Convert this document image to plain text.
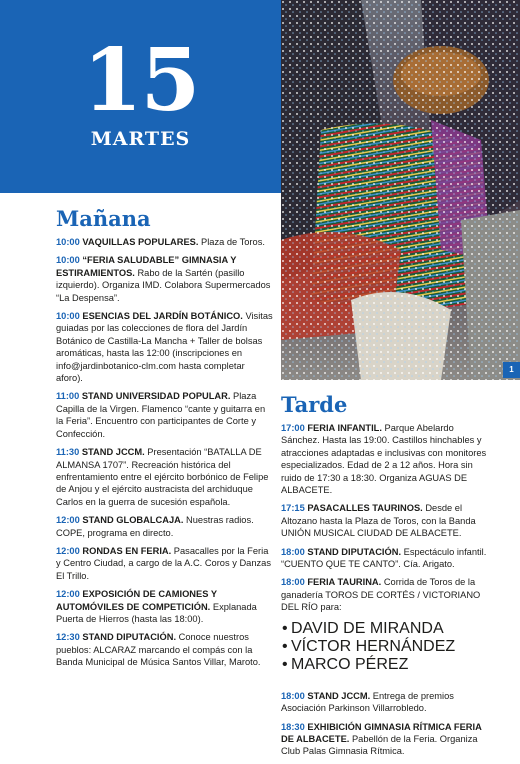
15
MARTES
1
Mañana

10:00 VAQUILLAS POPULARES. Plaza de Toros.

10:00 “FERIA SALUDABLE” GIMNASIA Y ESTIRAMIENTOS. Rabo de la Sartén (pasillo izquierdo). Organiza IMD. Colabora Supermercados “La Despensa”.

10:00 ESENCIAS DEL JARDÍN BOTÁNICO. Visitas guiadas por las colecciones de flora del Jardín Botánico de Castilla-La Mancha + Taller de bolsas aromáticas, hasta las 12:00 (inscripciones en info@jardinbotanico-clm.com hasta completar aforo).

11:00 STAND UNIVERSIDAD POPULAR. Plaza Capilla de la Virgen. Flamenco “cante y guitarra en la Feria”. Encuentro con participantes de Corte y Confección.

11:30 STAND JCCM. Presentación “BATALLA DE ALMANSA 1707”. Recreación histórica del enfrentamiento entre el ejército borbónico de Felipe de Anjou y el ejército austracista del archiduque Carlos en la guerra de sucesión española.

12:00 STAND GLOBALCAJA. Nuestras radios. COPE, programa en directo.

12:00 RONDAS EN FERIA. Pasacalles por la Feria y Centro Ciudad, a cargo de la A.C. Coros y Danzas El Trillo.

12:00 EXPOSICIÓN DE CAMIONES Y AUTOMÓVILES DE COMPETICIÓN. Explanada Puerta de Hierros (hasta las 18:00).

12:30 STAND DIPUTACIÓN. Conoce nuestros pueblos: ALCARAZ marcando el compás con la Banda Municipal de Música Santos Villar, Maroto.

Tarde

17:00 FERIA INFANTIL. Parque Abelardo Sánchez. Hasta las 19:00. Castillos hinchables y atracciones adaptadas e inclusivas con monitores especializados. Edad de 2 a 12 años. Hora sin ruido de 17:30 a 18:30. Organiza AGUAS DE ALBACETE.

17:15 PASACALLES TAURINOS. Desde el Altozano hasta la Plaza de Toros, con la Banda UNIÓN MUSICAL CIUDAD DE ALBACETE.

18:00 STAND DIPUTACIÓN. Espectáculo infantil. “CUENTO QUE TE CANTO”. Cía. Arigato.

18:00 FERIA TAURINA. Corrida de Toros de la ganadería TOROS DE CORTÉS / VICTORIANO DEL RÍO para:

• DAVID DE MIRANDA
• VÍCTOR HERNÁNDEZ
• MARCO PÉREZ

18:00 STAND JCCM. Entrega de premios Asociación Parkinson Villarrobledo.

18:30 EXHIBICIÓN GIMNASIA RÍTMICA FERIA DE ALBACETE. Pabellón de la Feria. Organiza Club Palas Gimnasia Rítmica.
